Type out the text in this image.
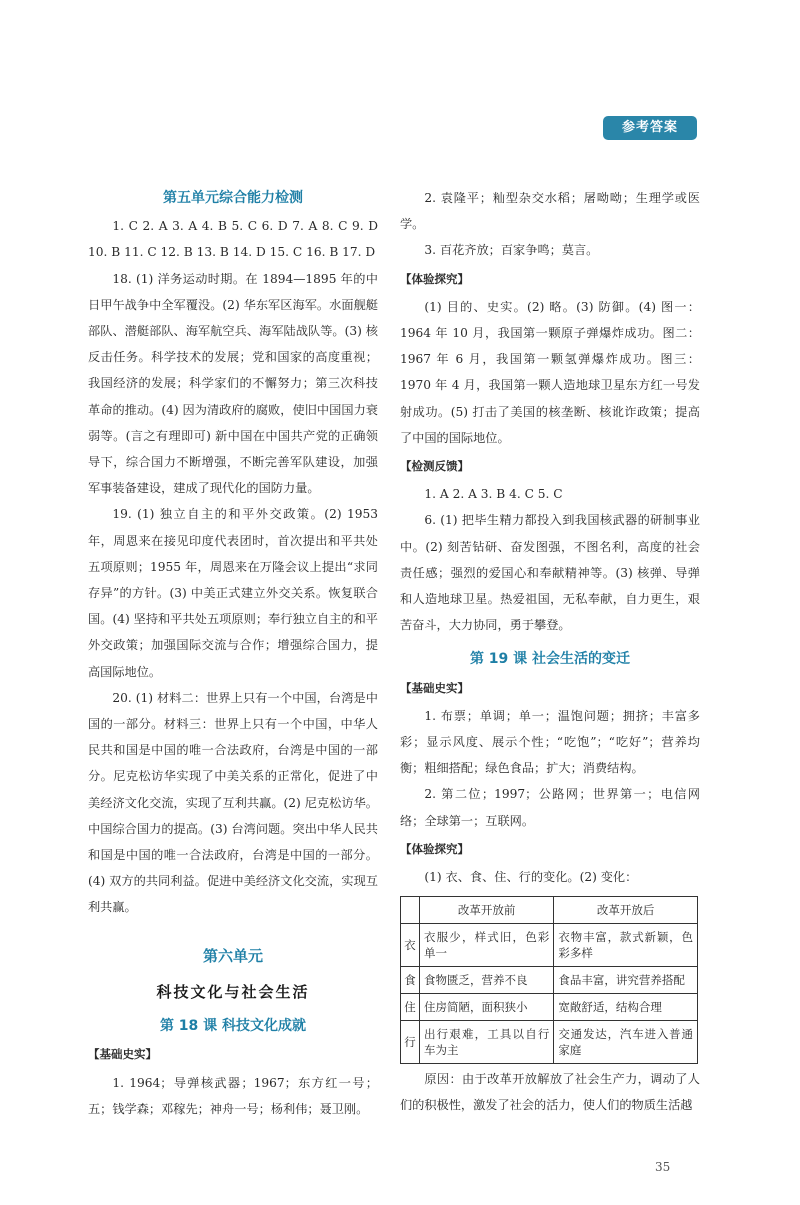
参考答案
第五单元综合能力检测

1. C 2. A 3. A 4. B 5. C 6. D 7. A 8. C 9. D 10. B 11. C 12. B 13. B 14. D 15. C 16. B 17. D

18. (1) 洋务运动时期。在 1894—1895 年的中日甲午战争中全军覆没。(2) 华东军区海军。水面舰艇部队、潜艇部队、海军航空兵、海军陆战队等。(3) 核反击任务。科学技术的发展；党和国家的高度重视；我国经济的发展；科学家们的不懈努力；第三次科技革命的推动。(4) 因为清政府的腐败，使旧中国国力衰弱等。(言之有理即可) 新中国在中国共产党的正确领导下，综合国力不断增强，不断完善军队建设，加强军事装备建设，建成了现代化的国防力量。

19. (1) 独立自主的和平外交政策。(2) 1953 年，周恩来在接见印度代表团时，首次提出和平共处五项原则；1955 年，周恩来在万隆会议上提出“求同存异”的方针。(3) 中美正式建立外交关系。恢复联合国。(4) 坚持和平共处五项原则；奉行独立自主的和平外交政策；加强国际交流与合作；增强综合国力，提高国际地位。

20. (1) 材料二：世界上只有一个中国，台湾是中国的一部分。材料三：世界上只有一个中国，中华人民共和国是中国的唯一合法政府，台湾是中国的一部分。尼克松访华实现了中美关系的正常化，促进了中美经济文化交流，实现了互利共赢。(2) 尼克松访华。中国综合国力的提高。(3) 台湾问题。突出中华人民共和国是中国的唯一合法政府，台湾是中国的一部分。(4) 双方的共同利益。促进中美经济文化交流，实现互利共赢。

第六单元
科技文化与社会生活
第 18 课 科技文化成就
【基础史实】

1. 1964；导弹核武器；1967；东方红一号；五；钱学森；邓稼先；神舟一号；杨利伟；聂卫刚。

2. 袁隆平；籼型杂交水稻；屠呦呦；生理学或医学。

3. 百花齐放；百家争鸣；莫言。

【体验探究】

(1) 目的、史实。(2) 略。(3) 防御。(4) 图一：1964 年 10 月，我国第一颗原子弹爆炸成功。图二：1967 年 6 月，我国第一颗氢弹爆炸成功。图三：1970 年 4 月，我国第一颗人造地球卫星东方红一号发射成功。(5) 打击了美国的核垄断、核讹诈政策；提高了中国的国际地位。

【检测反馈】

1. A 2. A 3. B 4. C 5. C

6. (1) 把毕生精力都投入到我国核武器的研制事业中。(2) 刻苦钻研、奋发图强，不图名利，高度的社会责任感；强烈的爱国心和奉献精神等。(3) 核弹、导弹和人造地球卫星。热爱祖国，无私奉献，自力更生，艰苦奋斗，大力协同，勇于攀登。

第 19 课 社会生活的变迁
【基础史实】

1. 布票；单调；单一；温饱问题；拥挤；丰富多彩；显示风度、展示个性；“吃饱”；“吃好”；营养均衡；粗细搭配；绿色食品；扩大；消费结构。

2. 第二位；1997；公路网；世界第一；电信网络；全球第一；互联网。

【体验探究】

(1) 衣、食、住、行的变化。(2) 变化：

	改革开放前	改革开放后
衣	衣服少，样式旧，色彩单一	衣物丰富，款式新颖，色彩多样
食	食物匮乏，营养不良	食品丰富，讲究营养搭配
住	住房简陋，面积狭小	宽敞舒适，结构合理
行	出行艰难，工具以自行车为主	交通发达，汽车进入普通家庭

原因：由于改革开放解放了社会生产力，调动了人们的积极性，激发了社会的活力，使人们的物质生活越

35
